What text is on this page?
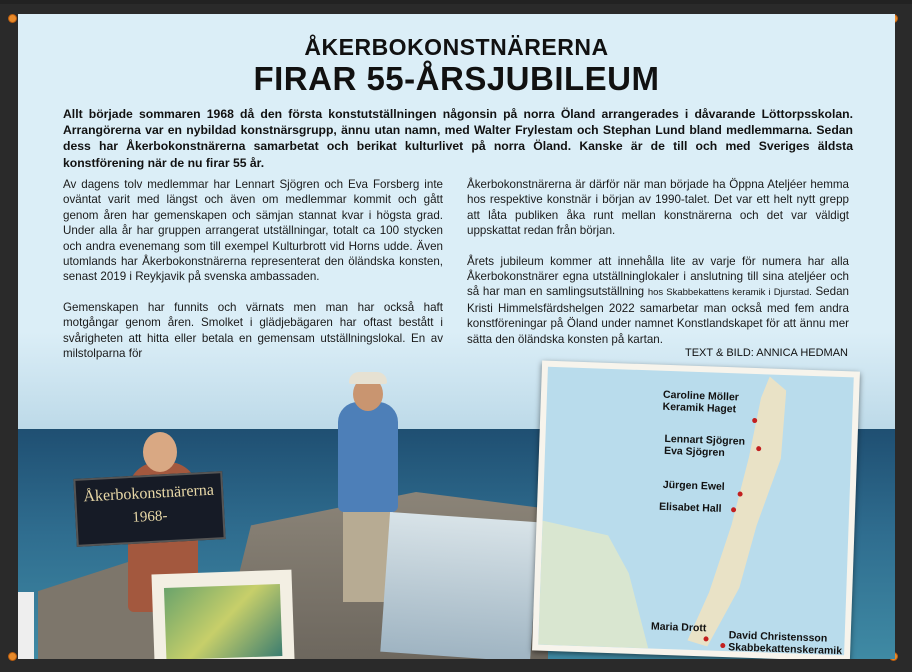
Åkerbokonstnärerna
1968-
ÅKERBOKONSTNÄRERNA
FIRAR 55-ÅRSJUBILEUM
Allt började sommaren 1968 då den första konstutställningen någonsin på norra Öland arrangerades i dåvarande Löttorpsskolan. Arrangörerna var en nybildad konstnärsgrupp, ännu utan namn, med Walter Frylestam och Stephan Lund bland medlemmarna. Sedan dess har Åkerbokonstnärerna samarbetat och berikat kulturlivet på norra Öland. Kanske är de till och med Sveriges äldsta konstförening när de nu firar 55 år.

Av dagens tolv medlemmar har Lennart Sjögren och Eva Forsberg inte oväntat varit med längst och även om medlemmar kommit och gått genom åren har gemenskapen och sämjan stannat kvar i högsta grad. Under alla år har gruppen arrangerat utställningar, totalt ca 100 stycken och andra evenemang som till exempel Kulturbrott vid Horns udde. Även utomlands har Åkerbokonstnärerna representerat den öländska konsten, senast 2019 i Reykjavik på svenska ambassaden.

Gemenskapen har funnits och värnats men man har också haft motgångar genom åren. Smolket i glädjebägaren har oftast bestått i svårigheten att hitta eller betala en gemensam utställningslokal. En av milstolparna för

Åkerbokonstnärerna är därför när man började ha Öppna Ateljéer hemma hos respektive konstnär i början av 1990-talet. Det var ett helt nytt grepp att låta publiken åka runt mellan konstnärerna och det var väldigt uppskattat redan från början.

Årets jubileum kommer att innehålla lite av varje för numera har alla Åkerbokonstnärer egna utställninglokaler i anslutning till sina ateljéer och så har man en samlingsutställning hos Skabbekattens keramik i Djurstad. Sedan Kristi Himmelsfärdshelgen 2022 samarbetar man också med fem andra konstföreningar på Öland under namnet Konstlandskapet för att ännu mer sätta den öländska konsten på kartan.

TEXT & BILD: ANNICA HEDMAN
Caroline Möller
Keramik Haget
Lennart Sjögren
Eva Sjögren
Jürgen Ewel
Elisabet Hall
Maria Drott
David Christensson
Skabbekattenskeramik
